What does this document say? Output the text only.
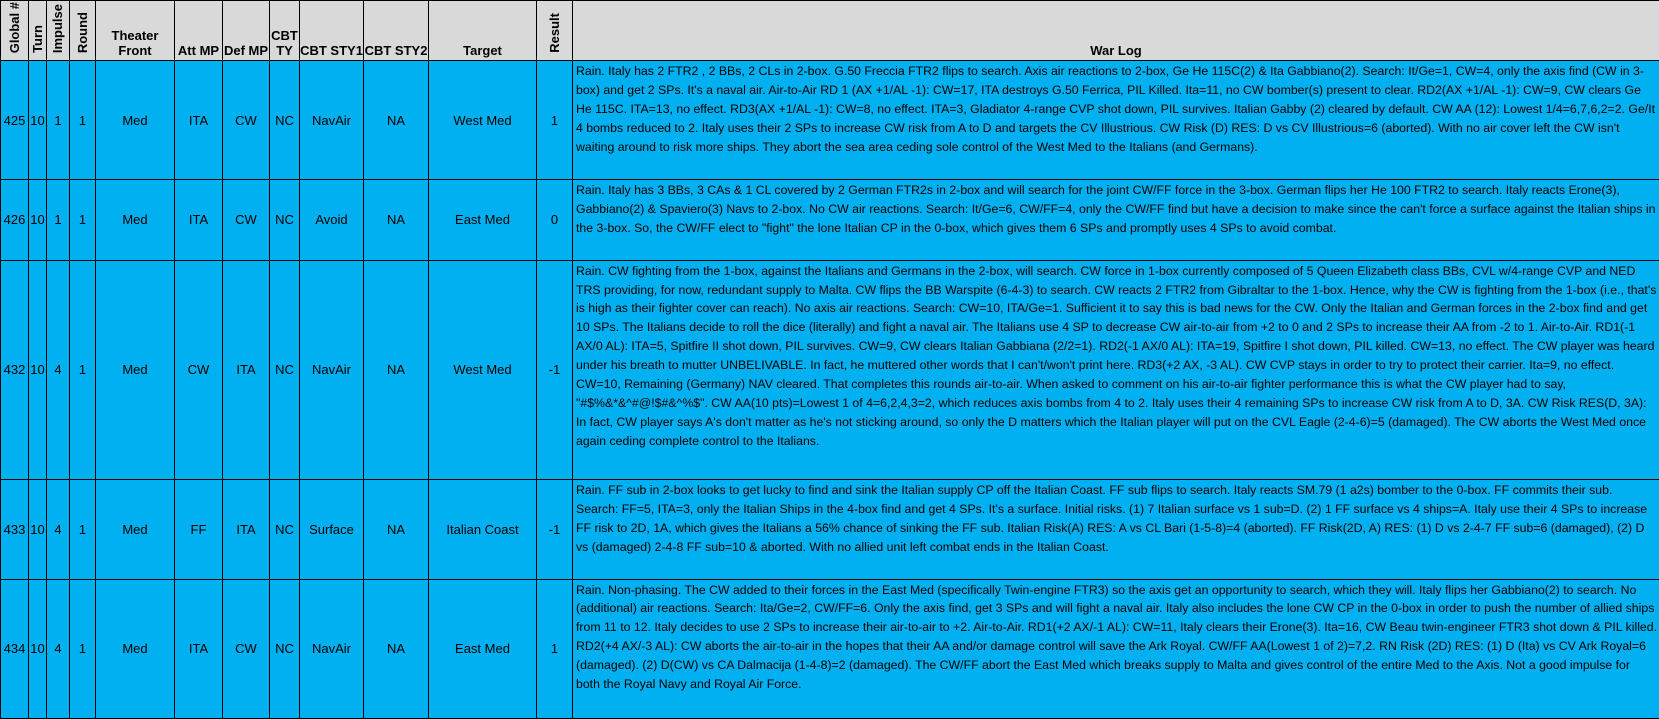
Global #	Turn	Impulse	Round	Theater Front	Att MP	Def MP	CBT TY	CBT STY1	CBT STY2	Target	Result	War Log
425	10	1	1	Med	ITA	CW	NC	NavAir	NA	West Med	1	Rain. Italy has 2 FTR2 , 2 BBs, 2 CLs in 2-box. G.50 Freccia FTR2 flips to search. Axis air reactions to 2-box, Ge He 115C(2) & Ita Gabbiano(2). Search: It/Ge=1, CW=4, only the axis find (CW in 3-box) and get 2 SPs. It's a naval air. Air-to-Air RD 1 (AX +1/AL -1): CW=17, ITA destroys G.50 Ferrica, PIL Killed. Ita=11, no CW bomber(s) present to clear. RD2(AX +1/AL -1): CW=9, CW clears Ge He 115C. ITA=13, no effect. RD3(AX +1/AL -1): CW=8, no effect. ITA=3, Gladiator 4-range CVP shot down, PIL survives. Italian Gabby (2) cleared by default. CW AA (12): Lowest 1/4=6,7,6,2=2. Ge/It 4 bombs reduced to 2. Italy uses their 2 SPs to increase CW risk from A to D and targets the CV Illustrious. CW Risk (D) RES: D vs CV Illustrious=6 (aborted). With no air cover left the CW isn't waiting around to risk more ships. They abort the sea area ceding sole control of the West Med to the Italians (and Germans).
426	10	1	1	Med	ITA	CW	NC	Avoid	NA	East Med	0	Rain. Italy has 3 BBs, 3 CAs & 1 CL covered by 2 German FTR2s in 2-box and will search for the joint CW/FF force in the 3-box. German flips her He 100 FTR2 to search. Italy reacts Erone(3), Gabbiano(2) & Spaviero(3) Navs to 2-box. No CW air reactions. Search: It/Ge=6, CW/FF=4, only the CW/FF find but have a decision to make since the can't force a surface against the Italian ships in the 3-box. So, the CW/FF elect to "fight" the lone Italian CP in the 0-box, which gives them 6 SPs and promptly uses 4 SPs to avoid combat.
432	10	4	1	Med	CW	ITA	NC	NavAir	NA	West Med	-1	Rain. CW fighting from the 1-box, against the Italians and Germans in the 2-box, will search. CW force in 1-box currently composed of 5 Queen Elizabeth class BBs, CVL w/4-range CVP and NED TRS providing, for now, redundant supply to Malta. CW flips the BB Warspite (6-4-3) to search. CW reacts 2 FTR2 from Gibraltar to the 1-box. Hence, why the CW is fighting from the 1-box (i.e., that's is high as their fighter cover can reach). No axis air reactions. Search: CW=10, ITA/Ge=1. Sufficient it to say this is bad news for the CW. Only the Italian and German forces in the 2-box find and get 10 SPs. The Italians decide to roll the dice (literally) and fight a naval air. The Italians use 4 SP to decrease CW air-to-air from +2 to 0 and 2 SPs to increase their AA from -2 to 1. Air-to-Air. RD1(-1 AX/0 AL): ITA=5, Spitfire II shot down, PIL survives. CW=9, CW clears Italian Gabbiana (2/2=1). RD2(-1 AX/0 AL): ITA=19, Spitfire I shot down, PIL killed. CW=13, no effect. The CW player was heard under his breath to mutter UNBELIVABLE. In fact, he muttered other words that I can't/won't print here. RD3(+2 AX, -3 AL). CW CVP stays in order to try to protect their carrier. Ita=9, no effect. CW=10, Remaining (Germany) NAV cleared. That completes this rounds air-to-air. When asked to comment on his air-to-air fighter performance this is what the CW player had to say, "#$%&*&^#@!$#&^%$". CW AA(10 pts)=Lowest 1 of 4=6,2,4,3=2, which reduces axis bombs from 4 to 2. Italy uses their 4 remaining SPs to increase CW risk from A to D, 3A. CW Risk RES(D, 3A): In fact, CW player says A's don't matter as he's not sticking around, so only the D matters which the Italian player will put on the CVL Eagle (2-4-6)=5 (damaged). The CW aborts the West Med once again ceding complete control to the Italians.
433	10	4	1	Med	FF	ITA	NC	Surface	NA	Italian Coast	-1	Rain. FF sub in 2-box looks to get lucky to find and sink the Italian supply CP off the Italian Coast. FF sub flips to search. Italy reacts SM.79 (1 a2s) bomber to the 0-box. FF commits their sub. Search: FF=5, ITA=3, only the Italian Ships in the 4-box find and get 4 SPs. It's a surface. Initial risks. (1) 7 Italian surface vs 1 sub=D. (2) 1 FF surface vs 4 ships=A. Italy use their 4 SPs to increase FF risk to 2D, 1A, which gives the Italians a 56% chance of sinking the FF sub. Italian Risk(A) RES: A vs CL Bari (1-5-8)=4 (aborted). FF Risk(2D, A) RES: (1) D vs 2-4-7 FF sub=6 (damaged), (2) D vs (damaged) 2-4-8 FF sub=10 & aborted. With no allied unit left combat ends in the Italian Coast.
434	10	4	1	Med	ITA	CW	NC	NavAir	NA	East Med	1	Rain. Non-phasing. The CW added to their forces in the East Med (specifically Twin-engine FTR3) so the axis get an opportunity to search, which they will. Italy flips her Gabbiano(2) to search. No (additional) air reactions. Search: Ita/Ge=2, CW/FF=6. Only the axis find, get 3 SPs and will fight a naval air. Italy also includes the lone CW CP in the 0-box in order to push the number of allied ships from 11 to 12. Italy decides to use 2 SPs to increase their air-to-air to +2. Air-to-Air. RD1(+2 AX/-1 AL): CW=11, Italy clears their Erone(3). Ita=16, CW Beau twin-engineer FTR3 shot down & PIL killed. RD2(+4 AX/-3 AL): CW aborts the air-to-air in the hopes that their AA and/or damage control will save the Ark Royal. CW/FF AA(Lowest 1 of 2)=7,2. RN Risk (2D) RES: (1) D (Ita) vs CV Ark Royal=6 (damaged). (2) D(CW) vs CA Dalmacija (1-4-8)=2 (damaged). The CW/FF abort the East Med which breaks supply to Malta and gives control of the entire Med to the Axis. Not a good impulse for both the Royal Navy and Royal Air Force.
